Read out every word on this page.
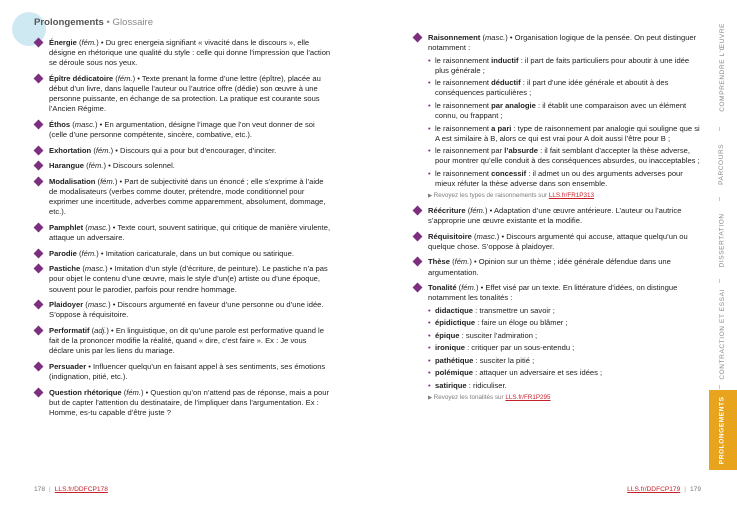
Prolongements • Glossaire
Énergie (fém.) • Du grec energeia signifiant « vivacité dans le discours », elle désigne en rhétorique une qualité du style : celle qui donne l’impression que l’action se déroule sous nos yeux.
Épître dédicatoire (fém.) • Texte prenant la forme d’une lettre (épître), placée au début d’un livre, dans laquelle l’auteur ou l’autrice offre (dédie) son œuvre à une personne puissante, en échange de sa protection. La pratique est courante sous l’Ancien Régime.
Éthos (masc.) • En argumentation, désigne l’image que l’on veut donner de soi (celle d’une personne compétente, sincère, combative, etc.).
Exhortation (fém.) • Discours qui a pour but d’encourager, d’inciter.
Harangue (fém.) • Discours solennel.
Modalisation (fém.) • Part de subjectivité dans un énoncé ; elle s’exprime à l’aide de modalisateurs (verbes comme douter, prétendre, mode conditionnel pour exprimer une incertitude, adverbes comme apparemment, absolument, dommage, etc.).
Pamphlet (masc.) • Texte court, souvent satirique, qui critique de manière virulente, attaque un adversaire.
Parodie (fém.) • Imitation caricaturale, dans un but comique ou satirique.
Pastiche (masc.) • Imitation d’un style (d’écriture, de peinture). Le pastiche n’a pas pour objet le contenu d’une œuvre, mais le style d’un(e) artiste ou d’une époque, souvent pour le parodier, parfois pour rendre hommage.
Plaidoyer (masc.) • Discours argumenté en faveur d’une personne ou d’une idée. S’oppose à réquisitoire.
Performatif (adj.) • En linguistique, on dit qu’une parole est performative quand le fait de la prononcer modifie la réalité, quand « dire, c’est faire ». Ex : Je vous déclare unis par les liens du mariage.
Persuader • Influencer quelqu’un en faisant appel à ses sentiments, ses émotions (indignation, pitié, etc.).
Question rhétorique (fém.) • Question qu’on n’attend pas de réponse, mais a pour but de capter l’attention du destinataire, de l’impliquer dans l’argumentation. Ex : Homme, es-tu capable d’être juste ?
178 | LLS.fr/DDFCP178	LLS.fr/DDFCP179 | 179
Raisonnement (masc.) • Organisation logique de la pensée. On peut distinguer notamment :
• le raisonnement inductif : il part de faits particuliers pour aboutir à une idée plus générale ;
• le raisonnement déductif : il part d’une idée générale et aboutit à des conséquences particulières ;
• le raisonnement par analogie : il établit une comparaison avec un élément connu, ou frappant ;
• le raisonnement a pari : type de raisonnement par analogie qui souligne que si A est similaire à B, alors ce qui est vrai pour A doit aussi l’être pour B ;
• le raisonnement par l’absurde : il fait semblant d’accepter la thèse adverse, pour montrer qu’elle conduit à des conséquences absurdes, ou inacceptables ;
• le raisonnement concessif : il admet un ou des arguments adverses pour mieux réfuter la thèse adverse dans son ensemble.
▶ Revoyez les types de raisonnements sur LLS.fr/FR1P313
Réécriture (fém.) • Adaptation d’une œuvre antérieure. L’auteur ou l’autrice s’approprie une œuvre existante et la modifie.
Réquisitoire (masc.) • Discours argumenté qui accuse, attaque quelqu’un ou quelque chose. S’oppose à plaidoyer.
Thèse (fém.) • Opinion sur un thème ; idée générale défendue dans une argumentation.
Tonalité (fém.) • Effet visé par un texte. En littérature d’idées, on distingue notamment les tonalités :
• didactique : transmettre un savoir ;
• épidictique : faire un éloge ou blâmer ;
• épique : susciter l’admiration ;
• ironique : critiquer par un sous-entendu ;
• pathétique : susciter la pitié ;
• polémique : attaquer un adversaire et ses idées ;
• satirique : ridiculiser.
▶ Revoyez les tonalités sur LLS.fr/FR1P295
COMPRENDRE L’ŒUVRE
PARCOURS
DISSERTATION
CONTRACTION ET ESSAI
PROLONGEMENTS
